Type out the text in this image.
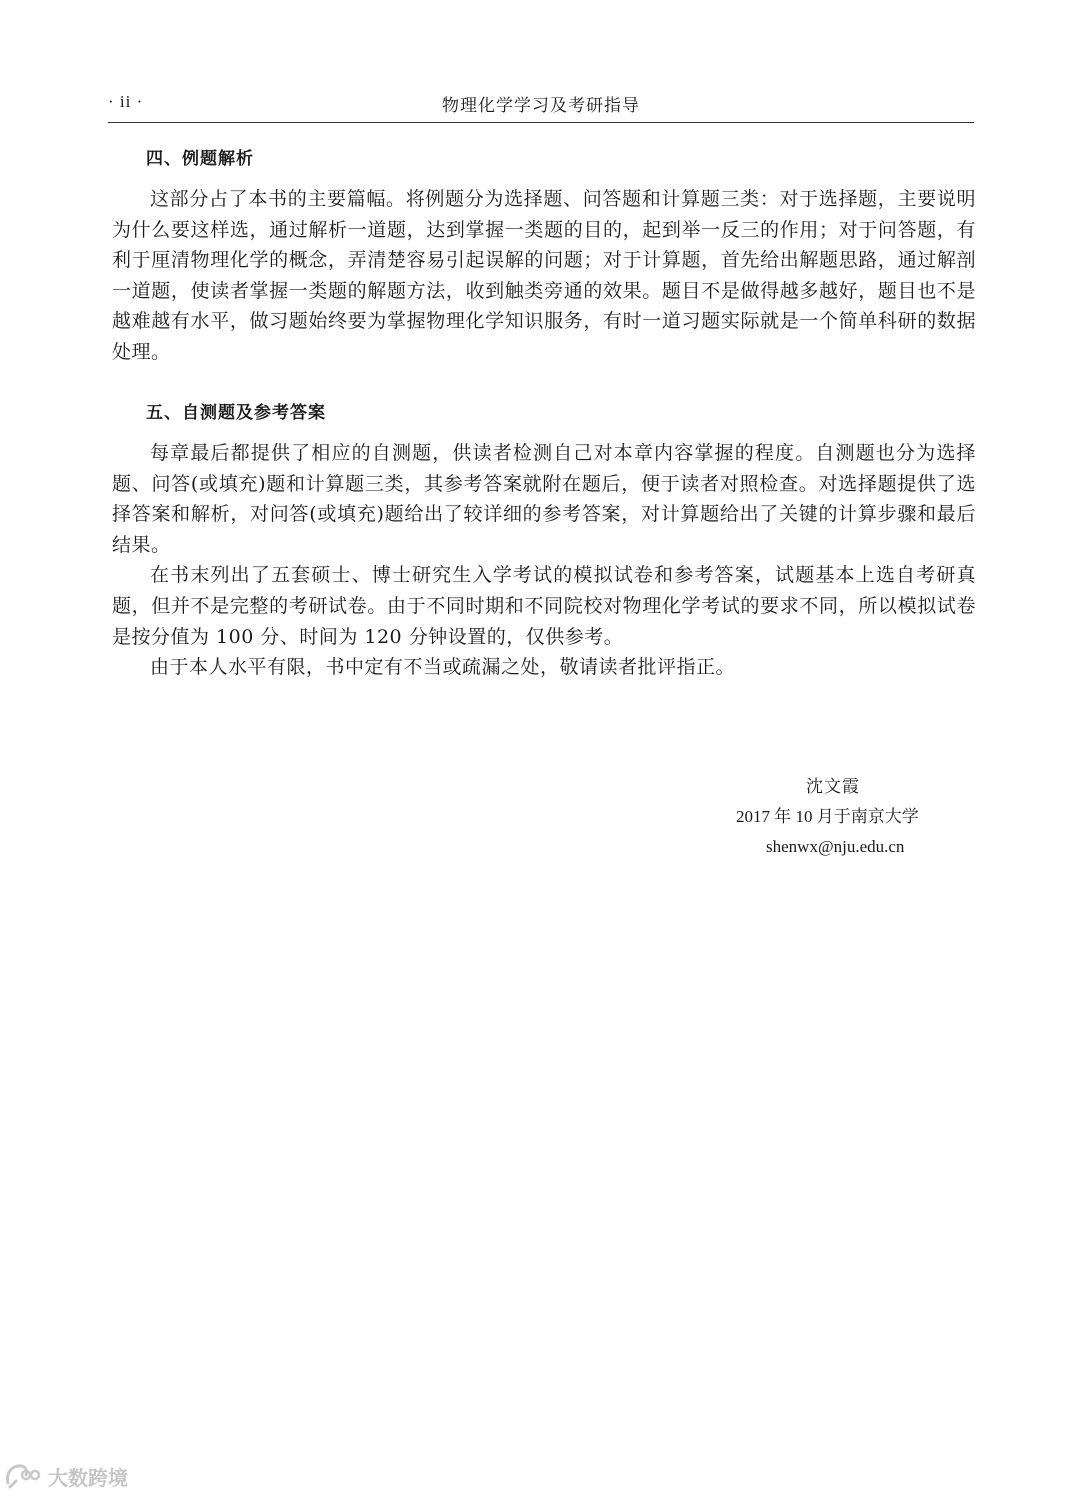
· ii ·	物理化学学习及考研指导
四、例题解析

这部分占了本书的主要篇幅。将例题分为选择题、问答题和计算题三类：对于选择题，主要说明为什么要这样选，通过解析一道题，达到掌握一类题的目的，起到举一反三的作用；对于问答题，有利于厘清物理化学的概念，弄清楚容易引起误解的问题；对于计算题，首先给出解题思路，通过解剖一道题，使读者掌握一类题的解题方法，收到触类旁通的效果。题目不是做得越多越好，题目也不是越难越有水平，做习题始终要为掌握物理化学知识服务，有时一道习题实际就是一个简单科研的数据处理。

五、自测题及参考答案

每章最后都提供了相应的自测题，供读者检测自己对本章内容掌握的程度。自测题也分为选择题、问答(或填充)题和计算题三类，其参考答案就附在题后，便于读者对照检查。对选择题提供了选择答案和解析，对问答(或填充)题给出了较详细的参考答案，对计算题给出了关键的计算步骤和最后结果。

在书末列出了五套硕士、博士研究生入学考试的模拟试卷和参考答案，试题基本上选自考研真题，但并不是完整的考研试卷。由于不同时期和不同院校对物理化学考试的要求不同，所以模拟试卷是按分值为 100 分、时间为 120 分钟设置的，仅供参考。

由于本人水平有限，书中定有不当或疏漏之处，敬请读者批评指正。

沈文霞
2017 年 10 月于南京大学
shenwx@nju.edu.cn
大数跨境
